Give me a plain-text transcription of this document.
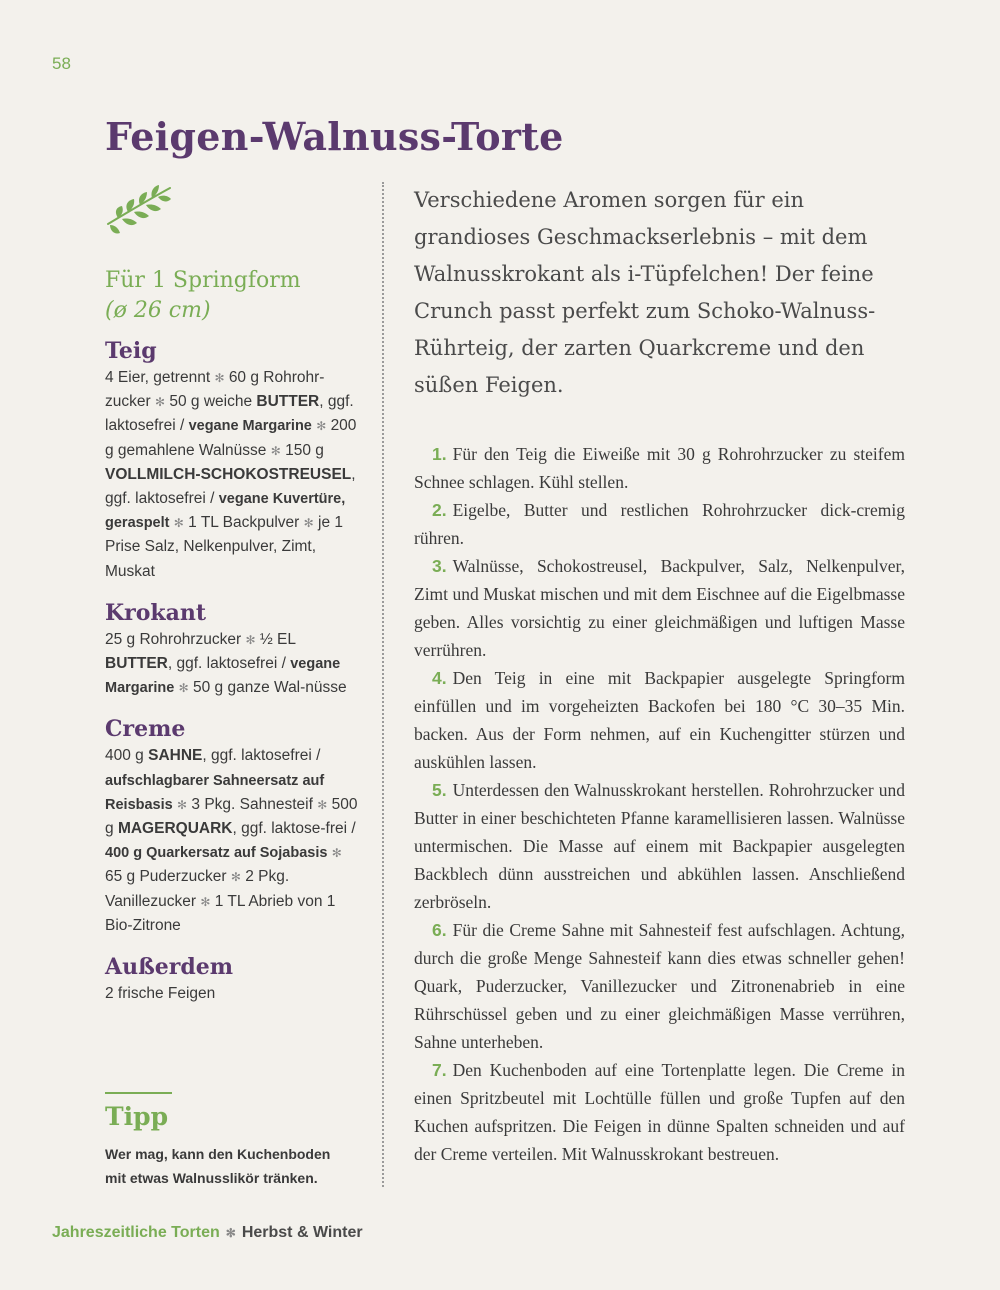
58
Feigen-Walnuss-Torte

Für 1 Springform

(ø 26 cm)

Teig

4 Eier, getrennt ✻ 60 g Rohrohr-zucker ✻ 50 g weiche BUTTER, ggf. laktosefrei / vegane Margarine ✻ 200 g gemahlene Walnüsse ✻ 150 g VOLLMILCH-SCHOKOSTREUSEL, ggf. laktosefrei / vegane Kuvertüre, geraspelt ✻ 1 TL Backpulver ✻ je 1 Prise Salz, Nelkenpulver, Zimt, Muskat

Krokant

25 g Rohrohrzucker ✻ ½ EL BUTTER, ggf. laktosefrei / vegane Margarine ✻ 50 g ganze Wal-nüsse

Creme

400 g SAHNE, ggf. laktosefrei / aufschlagbarer Sahneersatz auf Reisbasis ✻ 3 Pkg. Sahnesteif ✻ 500 g MAGERQUARK, ggf. laktose-frei / 400 g Quarkersatz auf Sojabasis ✻ 65 g Puderzucker ✻ 2 Pkg. Vanillezucker ✻ 1 TL Abrieb von 1 Bio-Zitrone

Außerdem

2 frische Feigen

Tipp

Wer mag, kann den Kuchenboden mit etwas Walnusslikör tränken.

Verschiedene Aromen sorgen für ein grandioses Geschmackserlebnis – mit dem Walnusskrokant als i-Tüpfelchen! Der feine Crunch passt perfekt zum Schoko-Walnuss-Rührteig, der zarten Quarkcreme und den süßen Feigen.

1. Für den Teig die Eiweiße mit 30 g Rohrohrzucker zu steifem Schnee schlagen. Kühl stellen.

2. Eigelbe, Butter und restlichen Rohrohrzucker dick-cremig rühren.

3. Walnüsse, Schokostreusel, Backpulver, Salz, Nelkenpulver, Zimt und Muskat mischen und mit dem Eischnee auf die Eigelbmasse geben. Alles vorsichtig zu einer gleichmäßigen und luftigen Masse verrühren.

4. Den Teig in eine mit Backpapier ausgelegte Springform einfüllen und im vorgeheizten Backofen bei 180 °C 30–35 Min. backen. Aus der Form nehmen, auf ein Kuchengitter stürzen und auskühlen lassen.

5. Unterdessen den Walnusskrokant herstellen. Rohrohrzucker und Butter in einer beschichteten Pfanne karamellisieren lassen. Walnüsse untermischen. Die Masse auf einem mit Backpapier ausgelegten Backblech dünn ausstreichen und abkühlen lassen. Anschließend zerbröseln.

6. Für die Creme Sahne mit Sahnesteif fest aufschlagen. Achtung, durch die große Menge Sahnesteif kann dies etwas schneller gehen! Quark, Puderzucker, Vanillezucker und Zitronenabrieb in eine Rührschüssel geben und zu einer gleichmäßigen Masse verrühren, Sahne unterheben.

7. Den Kuchenboden auf eine Tortenplatte legen. Die Creme in einen Spritzbeutel mit Lochtülle füllen und große Tupfen auf den Kuchen aufspritzen. Die Feigen in dünne Spalten schneiden und auf der Creme verteilen. Mit Walnusskrokant bestreuen.

Jahreszeitliche Torten ✻ Herbst & Winter
